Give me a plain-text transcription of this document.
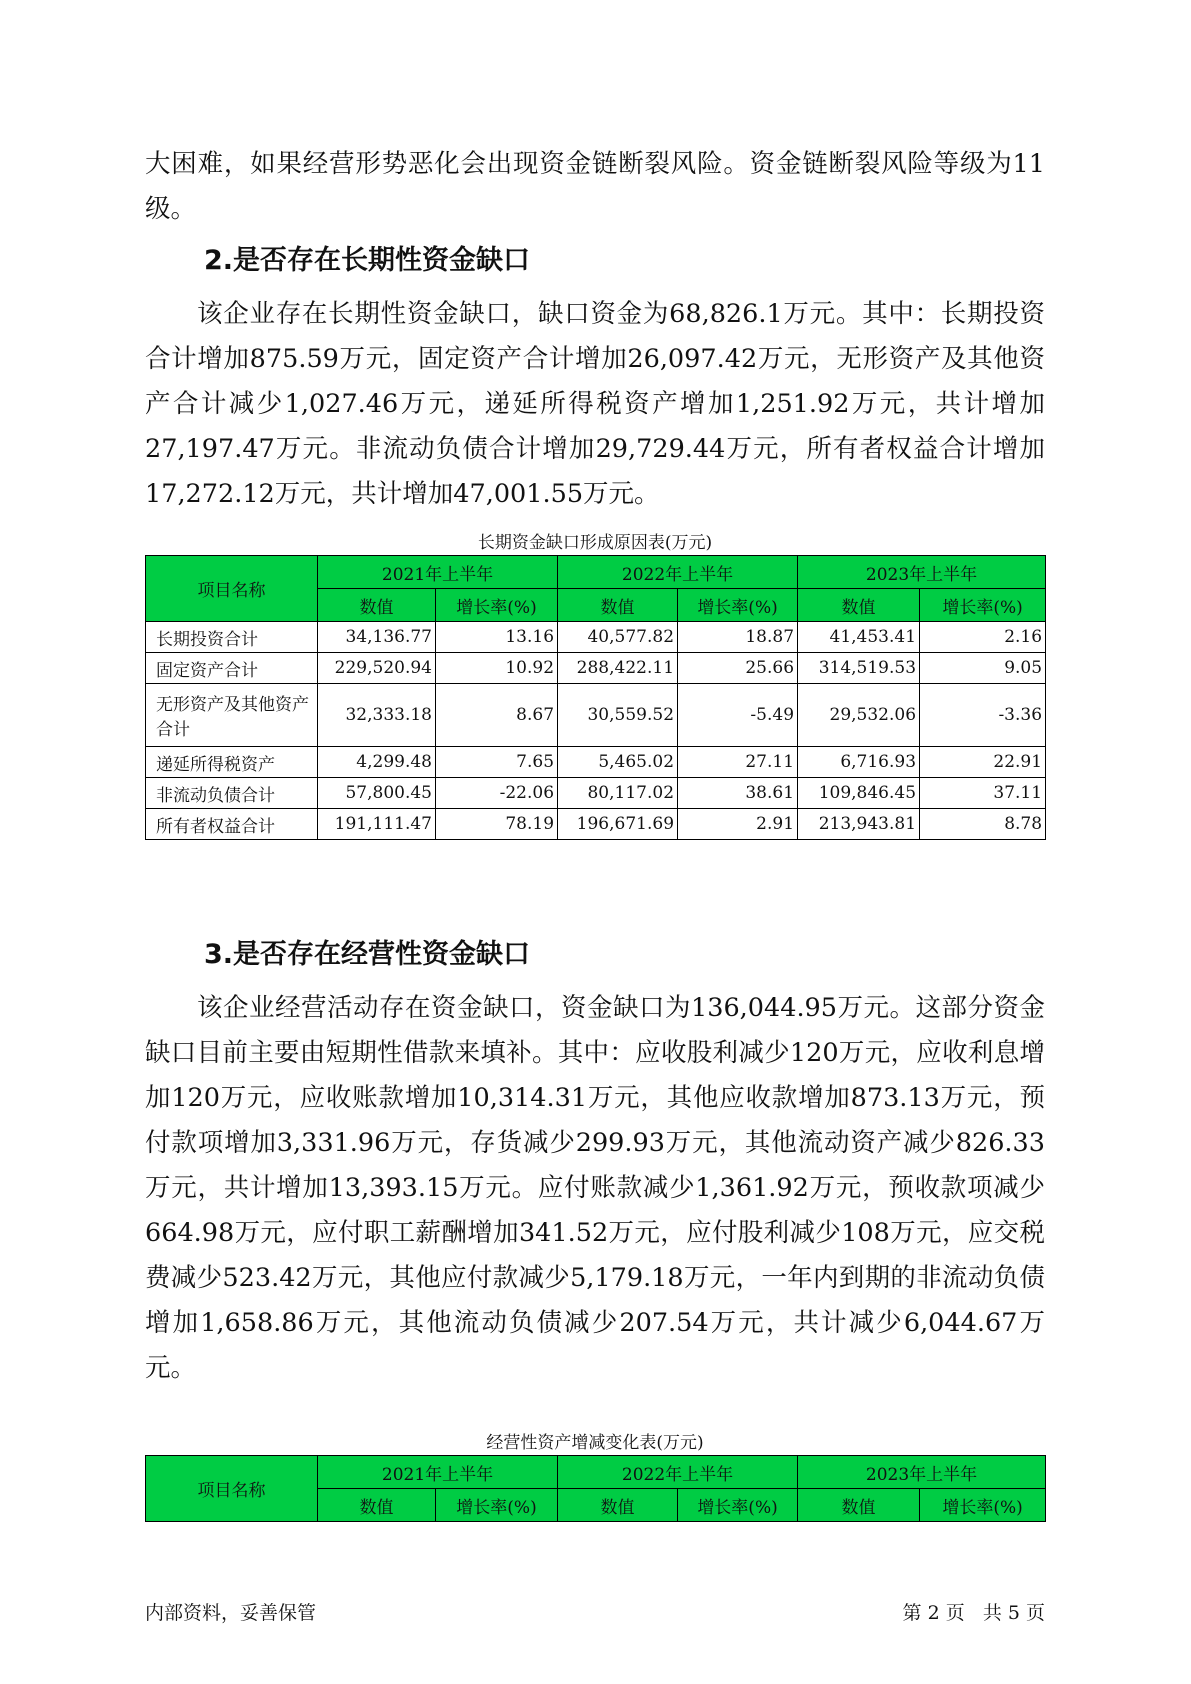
大困难，如果经营形势恶化会出现资金链断裂风险。资金链断裂风险等级为11级。

2.是否存在长期性资金缺口

该企业存在长期性资金缺口，缺口资金为68,826.1万元。其中：长期投资合计增加875.59万元，固定资产合计增加26,097.42万元，无形资产及其他资产合计减少1,027.46万元，递延所得税资产增加1,251.92万元，共计增加27,197.47万元。非流动负债合计增加29,729.44万元，所有者权益合计增加17,272.12万元，共计增加47,001.55万元。

长期资金缺口形成原因表(万元)

项目名称	2021年上半年		2022年上半年		2023年上半年	
	数值	增长率(%)	数值	增长率(%)	数值	增长率(%)
长期投资合计	34,136.77	13.16	40,577.82	18.87	41,453.41	2.16
固定资产合计	229,520.94	10.92	288,422.11	25.66	314,519.53	9.05
无形资产及其他资产合计	32,333.18	8.67	30,559.52	-5.49	29,532.06	-3.36
递延所得税资产	4,299.48	7.65	5,465.02	27.11	6,716.93	22.91
非流动负债合计	57,800.45	-22.06	80,117.02	38.61	109,846.45	37.11
所有者权益合计	191,111.47	78.19	196,671.69	2.91	213,943.81	8.78
3.是否存在经营性资金缺口

该企业经营活动存在资金缺口，资金缺口为136,044.95万元。这部分资金缺口目前主要由短期性借款来填补。其中：应收股利减少120万元，应收利息增加120万元，应收账款增加10,314.31万元，其他应收款增加873.13万元，预付款项增加3,331.96万元，存货减少299.93万元，其他流动资产减少826.33万元，共计增加13,393.15万元。应付账款减少1,361.92万元，预收款项减少664.98万元，应付职工薪酬增加341.52万元，应付股利减少108万元，应交税费减少523.42万元，其他应付款减少5,179.18万元，一年内到期的非流动负债增加1,658.86万元，其他流动负债减少207.54万元，共计减少6,044.67万元。

经营性资产增减变化表(万元)

项目名称	2021年上半年		2022年上半年		2023年上半年	
	数值	增长率(%)	数值	增长率(%)	数值	增长率(%)

内部资料，妥善保管	第 2 页   共 5 页
